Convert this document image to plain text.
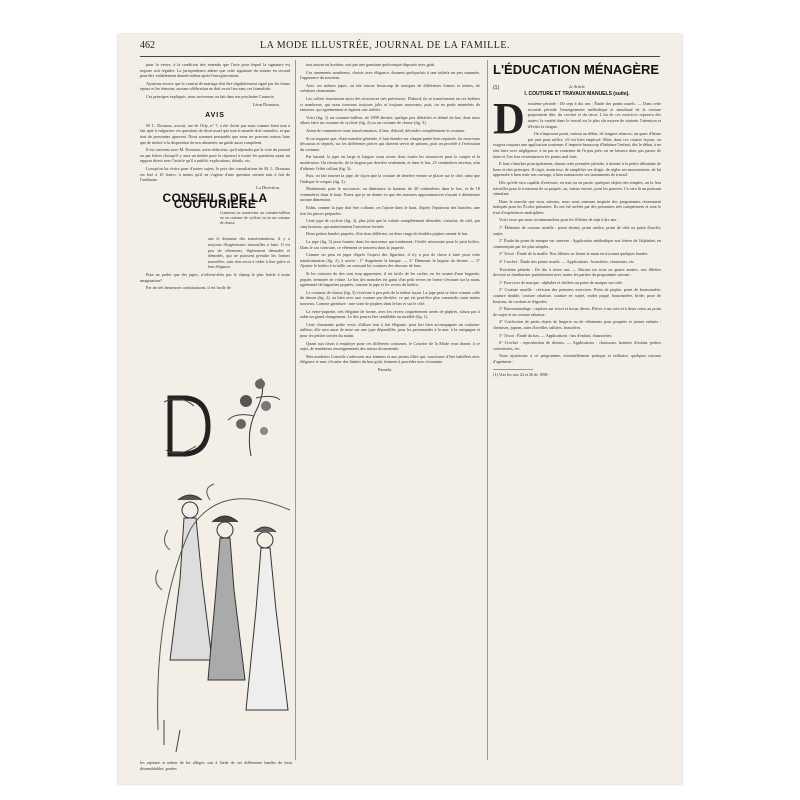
462	LA MODE ILLUSTRÉE, JOURNAL DE LA FAMILLE.

pour la veuve, à la condition très entendu que l'acte pour lequel la signature est requise soit régulier. La jurisprudence admet que cette signature du notaire en second peut être valablement donnée même après l'enregistrement.

Ajoutons encore que le contrat de mariage doit être régulièrement signé par les futurs époux et les témoins; aucune célébration ne doit avoir lieu sans ces formalités.

Ces principes expliqués, nous arriverons au fait dans me prochaine Causerie.

Léon Drouaux.
AVIS

M. L. Drouaux, avocat, rue de l'Isly, n° 7, a été choisi par nous comme étant tout à fait apte à vulgariser ces questions de droit usuel que tout le monde doit connaître, et que tout de personnes ignorent. Nous sommes persuadés que nous ne pouvons mieux faire que de mettre à la disposition de nos abonnées un guide aussi compétent.

Il est convenu avec M. Drouaux, notre rédacteur, qu'il répondra par la voie du journal ou par lettres (lorsqu'il y aura un timbre pour la réponse) à toutes les questions ayant un rapport direct avec l'article qu'il a publié, explications, détails, etc.

Lorsqu'on lui écrira pour d'autres sujets, le prix des consultations de M. L. Drouaux est fixé à 10 francs, à moins qu'il ne s'agisse d'une question sortant tout à fait de l'ordinaire.

La Direction.
CONSEILS DE LA COUTURIÈRE

Comment on transforme un costume-tailleur en un costume de cycliste ou en un costume de chasse.

ans le domaine des transformations, il y a toujours d'ingénieuses trouvailles à faire. Il est peu de vêtements, légèrement démodés et démodés, qui ne puissent prendre les formes nouvelles, sans rien avoir à céder à leur grâce et leur élégance.

Pour ne parler que des jupes, n'offrent-elles pas le champ le plus fertile à notre imagination?

Par de très heureuses combinaisons, il est facile de

les rajeunir et même de les alléger, soit à l'aide de ces différentes bandes de tissu dissemblables, posées

tout autour en bordure, soit par une garniture quelconque disposée avec goût.

Ces ornements nombreux, choisis avec élégance, donnent quelquefois à une toilette un peu surannée, l'apparence du nouveau.

Avec ces mêmes jupes, on fait encore beaucoup de tuniques de différentes formes et teintes, de créations charmantes.

Les collets fournissent aussi des ressources très précieuses. D'abord, ils se transforment en ces boléros si nombreux, qui nous trouvons toujours jolis et toujours nouveaux, puis, on en petits mantelets de fantaisie, qui agrémentent et égaient une toilette.

Voici (fig. 1) un costume-tailleur, de 1898 dernier, quelque peu défraîchi et abîmé du bas, dont nous allons faire un costume de cycliste (fig. 2) ou un costume de chasse (fig. 3).

Avant de commencer toute transformation, il faut, d'abord, découdre complètement le costume.

Si on suppose que, d'une manière générale, il faut étendre sur chaque partie bien repassée, les morceaux décousus et séparés, sur les différentes pièces qui doivent servir de patrons, puis on procède à l'exécution du costume.

Par hasard, la jupe est large et longue: nous avons donc toutes les ressources pour le couper et la moderniser. On retranche, de la largeur par derrière seulement, et dans le bas, 25 centimètres environ, afin d'obtenir l'effet collant (fig. 3).

Puis, on fait tourner la jupe, de façon que la couture de derrière vienne se placer sur le côté, ainsi que l'indique le croquis (fig. 2).

Maintenant, pour le raccourcir, on diminuera la hauteur, de 20 centimètres dans le bas, et de 10 centimètres dans le haut. Notez que je ne donne ici que des mesures approximatives n'ayant à déterminer aucune dimension.

Enfin, comme la jupe doit être collante, on l'ajuste dans le haut, d'après l'épaisseur des hanches, une fois les pinces préparées.

Cette jupe de cycliste (fig. 2), plus jolie que la culotte complètement démodée, s'attache, de côté, par cinq boutons, qui maintiennent l'ouverture fermée.

Deux petites bandes piquées, d'un tissu différent, ou deux rangs de doubles piqûres ornent le bas.

La jupe (fig. 3) pour fournir, dans les morceaux qui tomberont, l'étoffe nécessaire pour le petit boléro. Dans le cas contraire, ce vêtement se trouvera dans la jaquette.

Comme on peut en juger d'après l'aspect des figurines, il n'y a peu de chose à faire pour cette transformation (fig. 2), à savoir : 1° Supprimer la basque. — 2° Diminuer la largeur du devant. — 3° Ajouter le boléro à la taille, en creusant les coutures des dessous de bras.

Si les coutures du dos sont trop apparentes, il est facile de les cacher, en les ornant d'une baguette, piquée, terminée en volute. Le bas des manches est garni d'un petit revers en forme s'évasant sur la main, agrémenté de baguettes piquées, comme la jupe et les revers du boléro.

Le costume de chasse (fig. 3) s'exécute à peu près de la même façon. La jupe peut se faire comme celle du dessin (fig. 2), ou bien avec une couture par derrière, ce qui est peut-être plus commode, mais moins nouveau. Comme garniture : une sorte de piqûres dans le bas et sur le côté.

La veste-jaquette, très élégante de forme, avec les revers coquettement ornés de piqûres, n'aura pas à subir un grand changement. Le dos pourra être semblable au modèle (fig. 1).

Cette charmante petite veste, d'allure tout à fait élégante, peut fort bien accompagner un costume-tailleur; elle sera aussi de mise sur une jupe dépareillée, pour les promenades à la mer, à la campagne et pour les petites sorties du matin.

Quant aux tissus à employer pour ces différents costumes, le Courrier de la Mode vous donne, à ce sujet, de nombreux renseignements des mieux documentés.

Mes modestes Conseils s'adressent aux femmes et aux jeunes filles qui, soucieuses d'être habillées avec élégance et sans s'écarter des limites du bon goût, tiennent à procéder avec économie.

Pamela.
L'ÉDUCATION MÉNAGÈRE (1)	2e Article
I. COUTURE ET TRAVAUX MANUELS (suite).

Deuxième période : De sept à dix ans : Étude des points usuels. — Dans cette seconde période l'enseignement méthodique et simultané de la couture proprement dite, du crochet et du tricot. L'un de ces exercices reposera des autres; la variété dans le travail est le plus sûr moyen de soutenir l'attention et d'éviter la fatigue.

On n'imposera point, surtout au début, de longues séances; un quart d'heure par jour peut suffire, s'il est bien employé. Mais, dans ces courtes leçons, on exigera toujours une application soutenue; il importe beaucoup d'habituer l'enfant, dès le début, à ne rien faire avec négligence, à ne pas se contenter de l'à peu près; on ne laissera donc pas passer de faute et l'on fera recommencer les points mal faits.

Il faut s'attacher principalement, durant cette première période, à donner à la petite débutante de bons et sûrs principes. Il s'agit, avant tout, de simplifier ses doigts, de régler ses mouvements, de lui apprendre à bien tenir son ouvrage, à bien manœuvrer ses instruments de travail.

Dès qu'elle sera capable d'exécuter, en tout ou en partie, quelques objets très simples, on la fera travailler pour le trousseau de sa poupée, ou, mieux encore, pour les pauvres. Ce sera là un puissant stimulant.

Dans la marche que nous suivons, nous nous sommes inspirée des programmes récemment indiqués pour les Écoles primaires. Ils ont été arrêtés par des personnes très compétentes et sont le fruit d'expériences multipliées.

Voici ceux que nous recommandons pour les fillettes de sept à dix ans :

1° Éléments de couture usuelle : point devant, point arrière, point de côté ou point d'ourlet, surjet.

2° Étude du point de marque sur canevas : Application méthodique aux lettres de l'alphabet, en commençant par les plus simples.

3° Tricot : Étude de la maille. Nos fillettes se feront la main en tricotant quelques bandes.

4° Crochet : Étude des points usuels. — Applications : brassières, chaussons, etc.

Troisième période : De dix à treize ans. — Durant ces trois ou quatre années, nos fillettes devront se familiariser parfaitement avec toutes les parties du programme suivant :

1° Exercices de marque : alphabet et chiffres au point de marque sur toile.

2° Couture usuelle : révision des premiers exercices. Point de piqûre, point de boutonnière, couture double, couture rabattue, couture en surjet, ourlet piqué, boutonnière, bride; pose de boutons, de cordons et d'agrafes.

3° Raccommodage : reprises sur tricot et tissus divers. Pièces à un coin et à deux coins au point de surjet et en couture rabattue.

4° Confection de petits objets de lingerie ou de vêtements pour poupées et jeunes enfants : chemises, jupons, taies d'oreiller, tabliers, brassières.

5° Tricot : Étude du bas. — Applications : bas d'enfant, chaussettes.

6° Crochet : reproduction de dessins. — Applications : chaussons, bonnets d'enfant, petites couvertures, etc.

Nous ajouterons à ce programme, essentiellement pratique et utilitaire, quelques travaux d'agrément :

(1) Voir les nos 24 et 26 de 1898.
